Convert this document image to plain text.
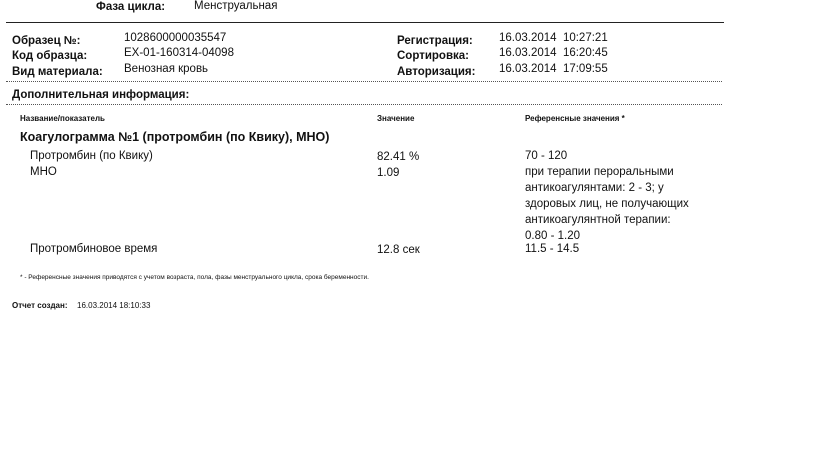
Фаза цикла:	Менструальная
Образец №:	1028600000035547
Код образца:	EX-01-160314-04098
Вид материала: Венозная кровь
Регистрация: 16.03.2014  10:27:21
Сортировка:	16.03.2014  16:20:45
Авторизация: 16.03.2014  17:09:55
Дополнительная информация:
Название/показатель	Значение	Референсные значения *
Коагулограмма №1 (протромбин (по Квику), МНО)
Протромбин (по Квику)	82.41 %	70 - 120
МНО	1.09	при терапии пероральными антикоагулянтами: 2 - 3; у здоровых лиц, не получающих антикоагулянтной терапии: 0.80 - 1.20
Протромбиновое время	12.8 сек	11.5 - 14.5
* - Референсные значения приводятся с учетом возраста, пола, фазы менструального цикла, срока беременности.
Отчет создан: 16.03.2014 18:10:33
